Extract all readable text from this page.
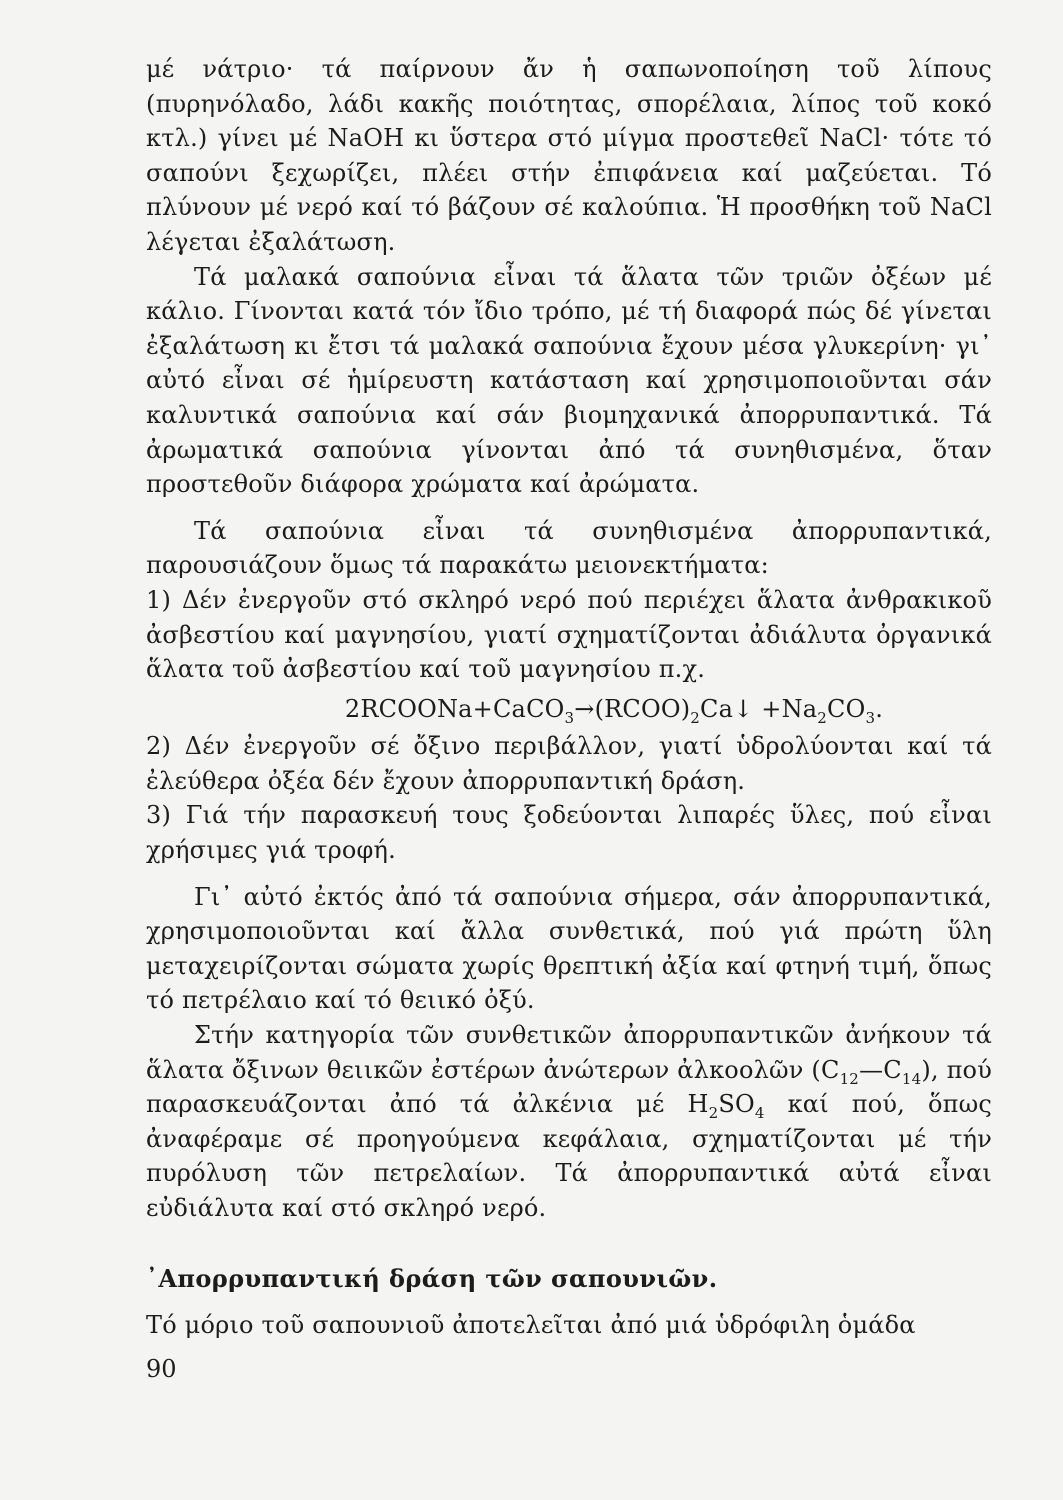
μέ νάτριο· τά παίρνουν ἄν ἡ σαπωνοποίηση τοῦ λίπους (πυρηνόλαδο, λάδι κακῆς ποιότητας, σπορέλαια, λίπος τοῦ κοκό κτλ.) γίνει μέ NaOH κι ὕστερα στό μίγμα προστεθεῖ NaCl· τότε τό σαπούνι ξεχωρίζει, πλέει στήν ἐπιφάνεια καί μαζεύεται. Τό πλύνουν μέ νερό καί τό βάζουν σέ καλούπια. Ἡ προσθήκη τοῦ NaCl λέγεται ἐξαλάτωση.

Τά μαλακά σαπούνια εἶναι τά ἅλατα τῶν τριῶν ὀξέων μέ κάλιο. Γίνονται κατά τόν ἴδιο τρόπο, μέ τή διαφορά πώς δέ γίνεται ἐξαλάτωση κι ἔτσι τά μαλακά σαπούνια ἔχουν μέσα γλυκερίνη· γι᾽ αὐτό εἶναι σέ ἡμίρευστη κατάσταση καί χρησιμοποιοῦνται σάν καλυντικά σαπούνια καί σάν βιομηχανικά ἀπορρυπαντικά. Τά ἀρωματικά σαπούνια γίνονται ἀπό τά συνηθισμένα, ὅταν προστεθοῦν διάφορα χρώματα καί ἀρώματα.

Τά σαπούνια εἶναι τά συνηθισμένα ἀπορρυπαντικά, παρουσιάζουν ὅμως τά παρακάτω μειονεκτήματα:

1) Δέν ἐνεργοῦν στό σκληρό νερό πού περιέχει ἅλατα ἀνθρακικοῦ ἀσβεστίου καί μαγνησίου, γιατί σχηματίζονται ἀδιάλυτα ὀργανικά ἅλατα τοῦ ἀσβεστίου καί τοῦ μαγνησίου π.χ.

$2RCOONa+CaCO_3\to(RCOO)_2Ca↓ +Na_2CO_3$.

2) Δέν ἐνεργοῦν σέ ὄξινο περιβάλλον, γιατί ὑδρολύονται καί τά ἐλεύθερα ὀξέα δέν ἔχουν ἀπορρυπαντική δράση.

3) Γιά τήν παρασκευή τους ξοδεύονται λιπαρές ὕλες, πού εἶναι χρήσιμες γιά τροφή.

Γι᾽ αὐτό ἐκτός ἀπό τά σαπούνια σήμερα, σάν ἀπορρυπαντικά, χρησιμοποιοῦνται καί ἄλλα συνθετικά, πού γιά πρώτη ὕλη μεταχειρίζονται σώματα χωρίς θρεπτική ἀξία καί φτηνή τιμή, ὅπως τό πετρέλαιο καί τό θειικό ὀξύ.

Στήν κατηγορία τῶν συνθετικῶν ἀπορρυπαντικῶν ἀνήκουν τά ἅλατα ὄξινων θειικῶν ἐστέρων ἀνώτερων ἀλκοολῶν $(C_{12}—C_{14})$, πού παρασκευάζονται ἀπό τά ἀλκένια μέ $H_2SO_4$ καί πού, ὅπως ἀναφέραμε σέ προηγούμενα κεφάλαια, σχηματίζονται μέ τήν πυρόλυση τῶν πετρελαίων. Τά ἀπορρυπαντικά αὐτά εἶναι εὐδιάλυτα καί στό σκληρό νερό.

᾽Απορρυπαντική δράση τῶν σαπουνιῶν.

Τό μόριο τοῦ σαπουνιοῦ ἀποτελεῖται ἀπό μιά ὑδρόφιλη ὁμάδα

90
